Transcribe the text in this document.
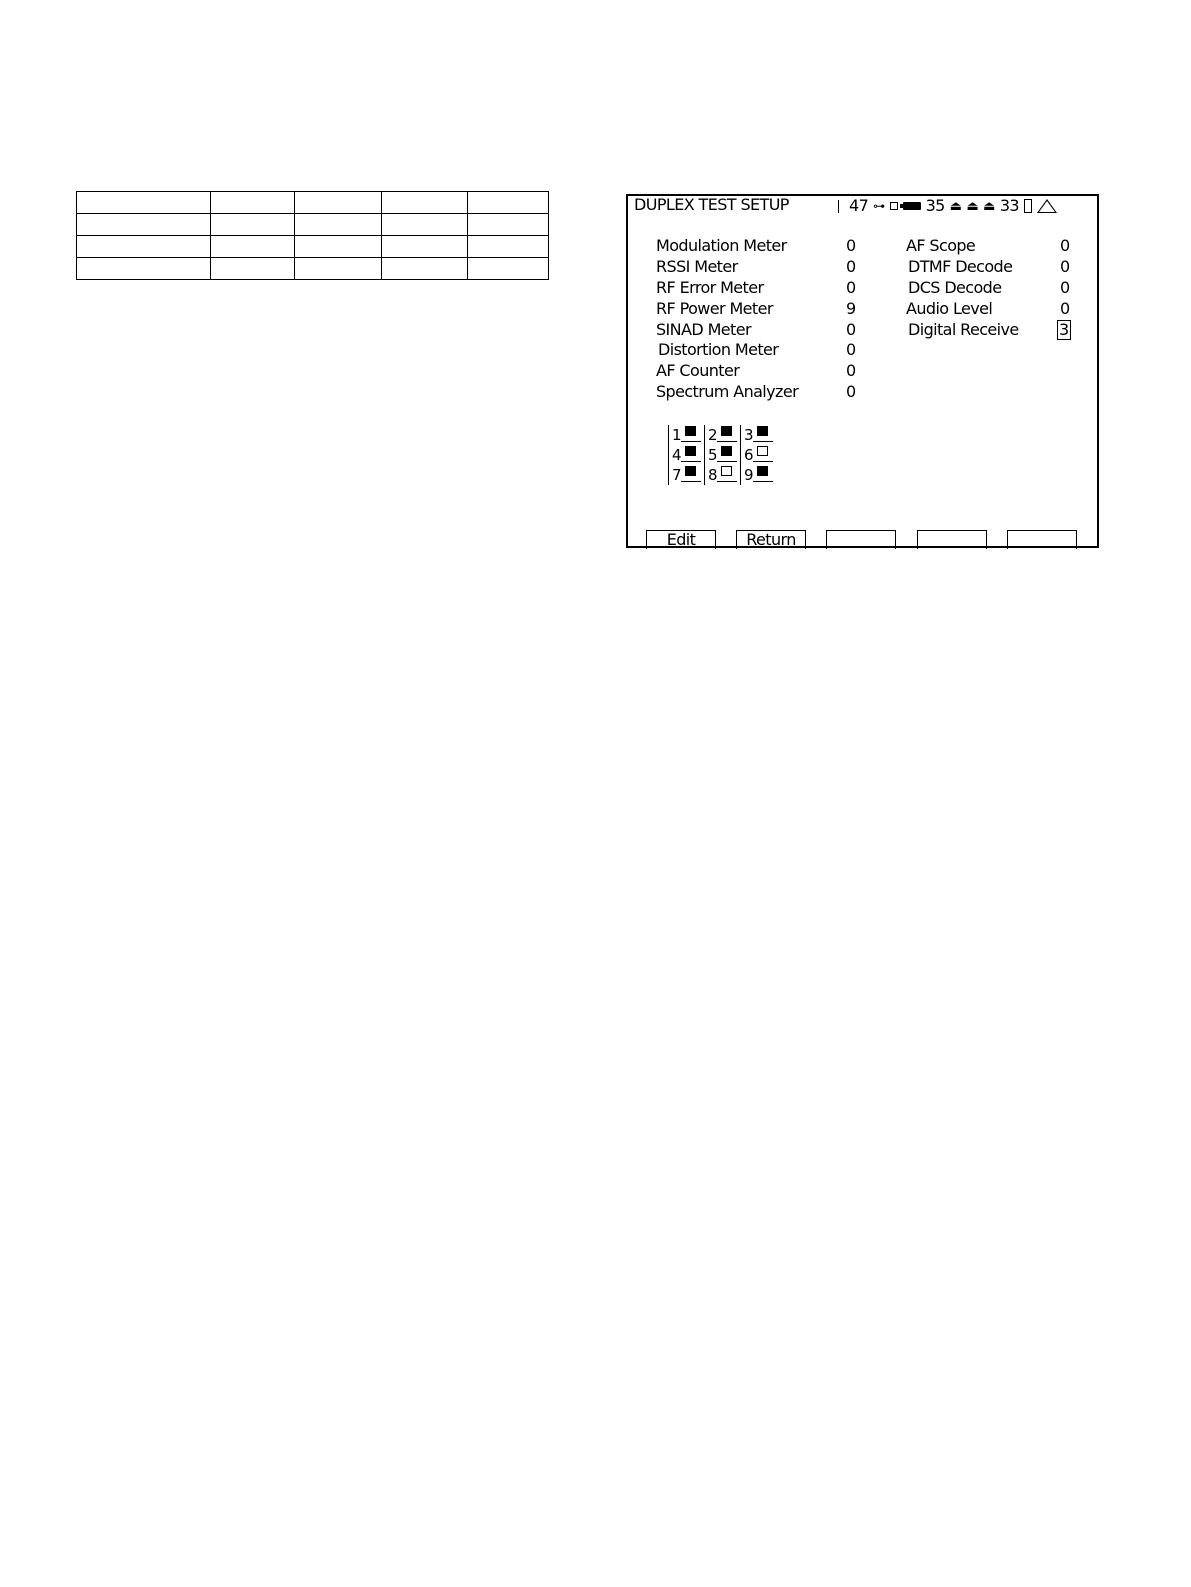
DUPLEX TEST SETUP	47 ⊶	35 ⏏ ⏏ ⏏ 33
Modulation Meter	0
RSSI Meter	0
RF Error Meter	0
RF Power Meter	9
SINAD Meter	0
Distortion Meter	0
AF Counter	0
Spectrum Analyzer	0
AF Scope	0
DTMF Decode	0
DCS Decode	0
Audio Level	0
Digital Receive	3
1 2 3
4 5 6
7 8 9
Edit	Return
